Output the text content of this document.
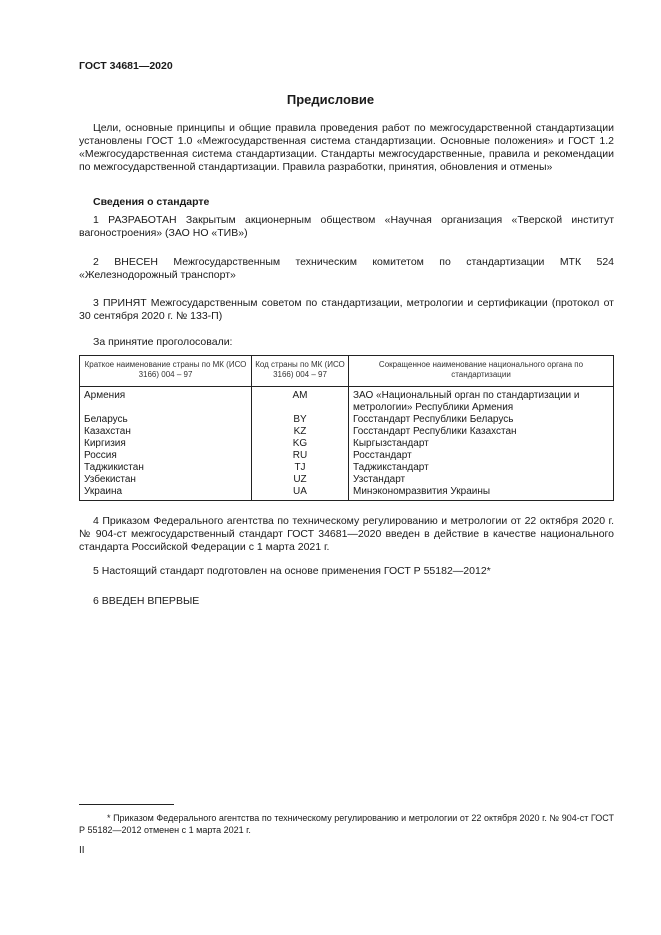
ГОСТ 34681—2020
Предисловие

Цели, основные принципы и общие правила проведения работ по межгосударственной стандартизации установлены ГОСТ 1.0 «Межгосударственная система стандартизации. Основные положения» и ГОСТ 1.2 «Межгосударственная система стандартизации. Стандарты межгосударственные, правила и рекомендации по межгосударственной стандартизации. Правила разработки, принятия, обновления и отмены»

Сведения о стандарте

1 РАЗРАБОТАН Закрытым акционерным обществом «Научная организация «Тверской институт вагоностроения» (ЗАО НО «ТИВ»)

2 ВНЕСЕН Межгосударственным техническим комитетом по стандартизации МТК 524 «Железнодорожный транспорт»

3 ПРИНЯТ Межгосударственным советом по стандартизации, метрологии и сертификации (протокол от 30 сентября 2020 г. № 133-П)

За принятие проголосовали:
Краткое наименование страны по МК (ИСО 3166) 004 – 97	Код страны по МК (ИСО 3166) 004 – 97	Сокращенное наименование национального органа по стандартизации
Армения	AM	ЗАО «Национальный орган по стандартизации и метрологии» Республики Армения
Беларусь	BY	Госстандарт Республики Беларусь
Казахстан	KZ	Госстандарт Республики Казахстан
Киргизия	KG	Кыргызстандарт
Россия	RU	Росстандарт
Таджикистан	TJ	Таджикстандарт
Узбекистан	UZ	Узстандарт
Украина	UA	Минэкономразвития Украины

4 Приказом Федерального агентства по техническому регулированию и метрологии от 22 октября 2020 г. № 904-ст межгосударственный стандарт ГОСТ 34681—2020 введен в действие в качестве национального стандарта Российской Федерации с 1 марта 2021 г.

5 Настоящий стандарт подготовлен на основе применения ГОСТ Р 55182—2012*

6 ВВЕДЕН ВПЕРВЫЕ

* Приказом Федерального агентства по техническому регулированию и метрологии от 22 октября 2020 г. № 904-ст ГОСТ Р 55182—2012 отменен с 1 марта 2021 г.

II
